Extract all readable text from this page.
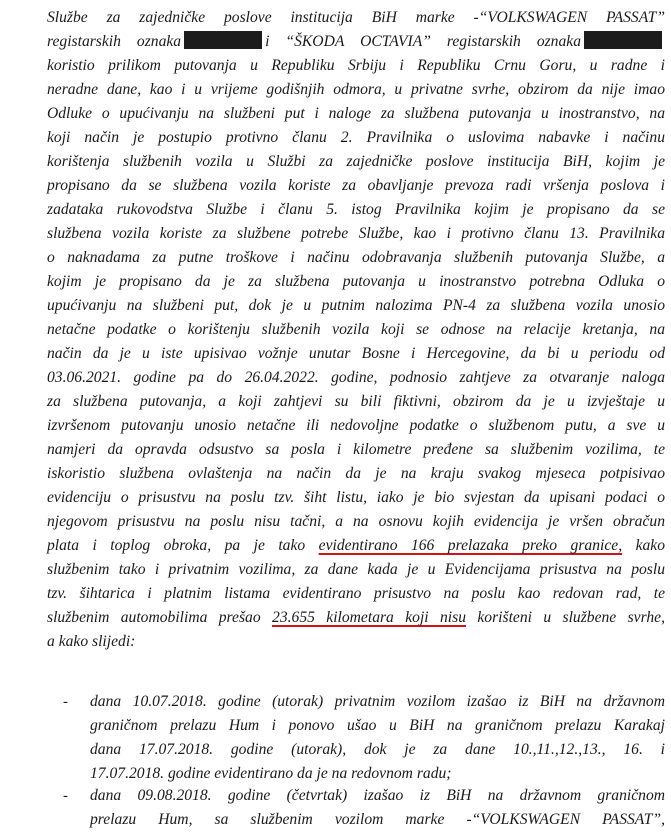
Službe za zajedničke poslove institucija BiH marke -“VOLKSWAGEN PASSAT”
registarskih oznaka	i “ŠKODA OCTAVIA” registarskih oznaka
koristio prilikom putovanja u Republiku Srbiju i Republiku Crnu Goru, u radne i
neradne dane, kao i u vrijeme godišnjih odmora, u privatne svrhe, obzirom da nije imao
Odluke o upućivanju na službeni put i naloge za službena putovanja u inostranstvo, na
koji način je postupio protivno članu 2. Pravilnika o uslovima nabavke i načinu
korištenja službenih vozila u Službi za zajedničke poslove institucija BiH, kojim je
propisano da se službena vozila koriste za obavljanje prevoza radi vršenja poslova i
zadataka rukovodstva Službe i članu 5. istog Pravilnika kojim je propisano da se
službena vozila koriste za službene potrebe Službe, kao i protivno članu 13. Pravilnika
o naknadama za putne troškove i načinu odobravanja službenih putovanja Službe, a
kojim je propisano da je za službena putovanja u inostranstvo potrebna Odluka o
upućivanju na službeni put, dok je u putnim nalozima PN-4 za službena vozila unosio
netačne podatke o korištenju službenih vozila koji se odnose na relacije kretanja, na
način da je u iste upisivao vožnje unutar Bosne i Hercegovine, da bi u periodu od
03.06.2021. godine pa do 26.04.2022. godine, podnosio zahtjeve za otvaranje naloga
za službena putovanja, a koji zahtjevi su bili fiktivni, obzirom da je u izvještaje u
izvršenom putovanju unosio netačne ili nedovoljne podatke o službenom putu, a sve u
namjeri da opravda odsustvo sa posla i kilometre pređene sa službenim vozilima, te
iskoristio službena ovlaštenja na način da je na kraju svakog mjeseca potpisivao
evidenciju o prisustvu na poslu tzv. šiht listu, iako je bio svjestan da upisani podaci o
njegovom prisustvu na poslu nisu tačni, a na osnovu kojih evidencija je vršen obračun
plata i toplog obroka, pa je tako evidentirano 166 prelazaka preko granice, kako
službenim tako i privatnim vozilima, za dane kada je u Evidencijama prisustva na poslu
tzv. šihtarica i platnim listama evidentirano prisustvo na poslu kao redovan rad, te
službenim automobilima prešao 23.655 kilometara koji nisu korišteni u službene svrhe,
a kako slijedi:
- dana 10.07.2018. godine (utorak) privatnim vozilom izašao iz BiH na državnom
graničnom prelazu Hum i ponovo ušao u BiH na graničnom prelazu Karakaj
dana 17.07.2018. godine (utorak), dok je za dane 10.,11.,12.,13., 16. i
17.07.2018. godine evidentirano da je na redovnom radu;
- dana 09.08.2018. godine (četvrtak) izašao iz BiH na državnom graničnom
prelazu Hum, sa službenim vozilom marke -“VOLKSWAGEN PASSAT”,
